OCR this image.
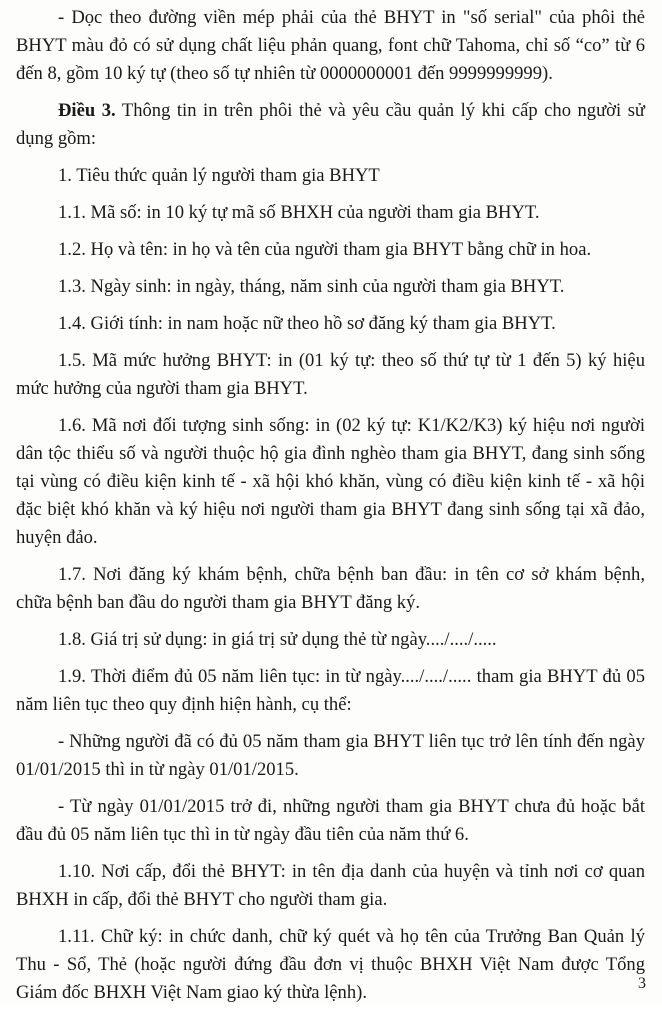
- Dọc theo đường viền mép phải của thẻ BHYT in "số serial" của phôi thẻ BHYT màu đỏ có sử dụng chất liệu phản quang, font chữ Tahoma, chỉ số “co” từ 6 đến 8, gồm 10 ký tự (theo số tự nhiên từ 0000000001 đến 9999999999).

Điều 3. Thông tin in trên phôi thẻ và yêu cầu quản lý khi cấp cho người sử dụng gồm:

1. Tiêu thức quản lý người tham gia BHYT

1.1. Mã số: in 10 ký tự mã số BHXH của người tham gia BHYT.

1.2. Họ và tên: in họ và tên của người tham gia BHYT bằng chữ in hoa.

1.3. Ngày sinh: in ngày, tháng, năm sinh của người tham gia BHYT.

1.4. Giới tính: in nam hoặc nữ theo hồ sơ đăng ký tham gia BHYT.

1.5. Mã mức hưởng BHYT: in (01 ký tự: theo số thứ tự từ 1 đến 5) ký hiệu mức hưởng của người tham gia BHYT.

1.6. Mã nơi đối tượng sinh sống: in (02 ký tự: K1/K2/K3) ký hiệu nơi người dân tộc thiểu số và người thuộc hộ gia đình nghèo tham gia BHYT, đang sinh sống tại vùng có điều kiện kinh tế - xã hội khó khăn, vùng có điều kiện kinh tế - xã hội đặc biệt khó khăn và ký hiệu nơi người tham gia BHYT đang sinh sống tại xã đảo, huyện đảo.

1.7. Nơi đăng ký khám bệnh, chữa bệnh ban đầu: in tên cơ sở khám bệnh, chữa bệnh ban đầu do người tham gia BHYT đăng ký.

1.8. Giá trị sử dụng: in giá trị sử dụng thẻ từ ngày..../..../.....

1.9. Thời điểm đủ 05 năm liên tục: in từ ngày..../..../..... tham gia BHYT đủ 05 năm liên tục theo quy định hiện hành, cụ thể:

- Những người đã có đủ 05 năm tham gia BHYT liên tục trở lên tính đến ngày 01/01/2015 thì in từ ngày 01/01/2015.

- Từ ngày 01/01/2015 trở đi, những người tham gia BHYT chưa đủ hoặc bắt đầu đủ 05 năm liên tục thì in từ ngày đầu tiên của năm thứ 6.

1.10. Nơi cấp, đổi thẻ BHYT: in tên địa danh của huyện và tỉnh nơi cơ quan BHXH in cấp, đổi thẻ BHYT cho người tham gia.

1.11. Chữ ký: in chức danh, chữ ký quét và họ tên của Trưởng Ban Quản lý Thu - Sổ, Thẻ (hoặc người đứng đầu đơn vị thuộc BHXH Việt Nam được Tổng Giám đốc BHXH Việt Nam giao ký thừa lệnh).	3
